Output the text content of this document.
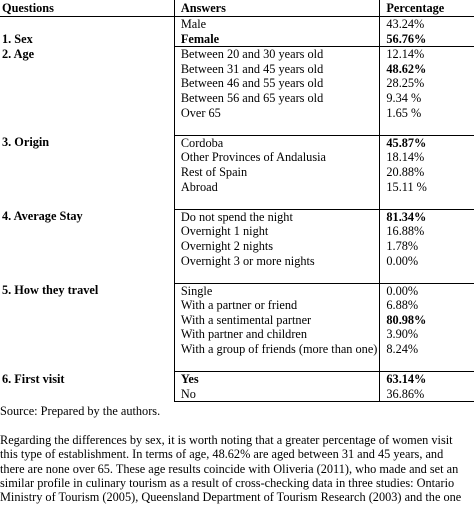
Questions	Answers	Percentage
1. Sex	Male	43.24%
	Female	56.76%
2. Age	Between 20 and 30 years old	12.14%
	Between 31 and 45 years old	48.62%
	Between 46 and 55 years old	28.25%
	Between 56 and 65 years old	9.34 %
	Over 65	1.65 %

3. Origin	Cordoba	45.87%
	Other Provinces of Andalusia	18.14%
	Rest of Spain	20.88%
	Abroad	15.11 %

4. Average Stay	Do not spend the night	81.34%
	Overnight 1 night	16.88%
	Overnight 2 nights	1.78%
	Overnight 3 or more nights	0.00%

5. How they travel	Single	0.00%
	With a partner or friend	6.88%
	With a sentimental partner	80.98%
	With partner and children	3.90%
	With a group of friends (more than one)	8.24%

6. First visit	Yes	63.14%
	No	36.86%
Source: Prepared by the authors.
Regarding the differences by sex, it is worth noting that a greater percentage of women visit
this type of establishment. In terms of age, 48.62% are aged between 31 and 45 years, and
there are none over 65. These age results coincide with Oliveria (2011), who made and set an
similar profile in culinary tourism as a result of cross-checking data in three studies: Ontario
Ministry of Tourism (2005), Queensland Department of Tourism Research (2003) and the one
